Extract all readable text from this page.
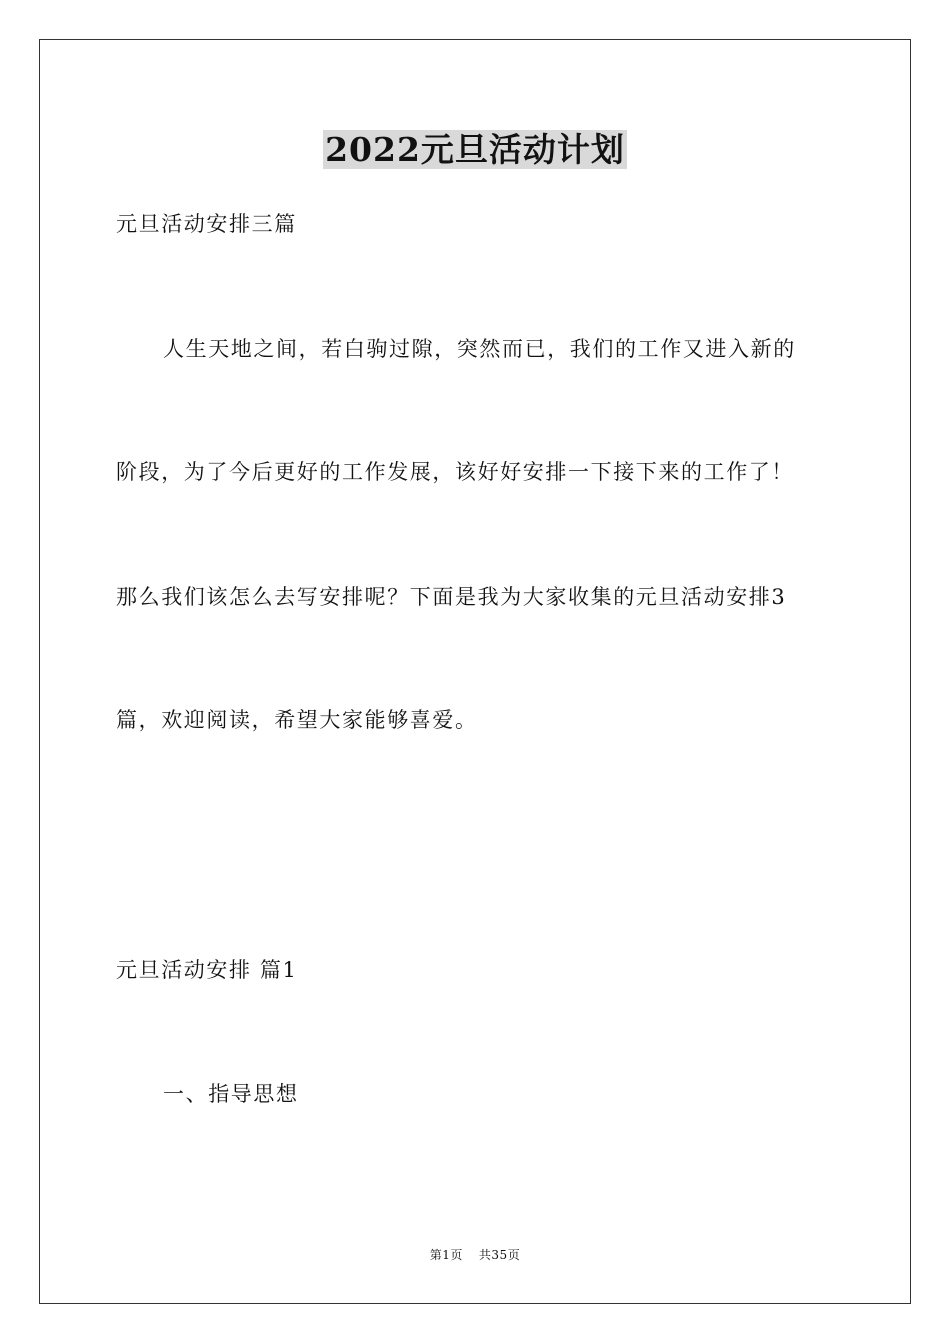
2022元旦活动计划
元旦活动安排三篇
人生天地之间，若白驹过隙，突然而已，我们的工作又进入新的
阶段，为了今后更好的工作发展，该好好安排一下接下来的工作了！
那么我们该怎么去写安排呢？下面是我为大家收集的元旦活动安排3
篇，欢迎阅读，希望大家能够喜爱。
元旦活动安排 篇1
一、指导思想
第1页 共35页
